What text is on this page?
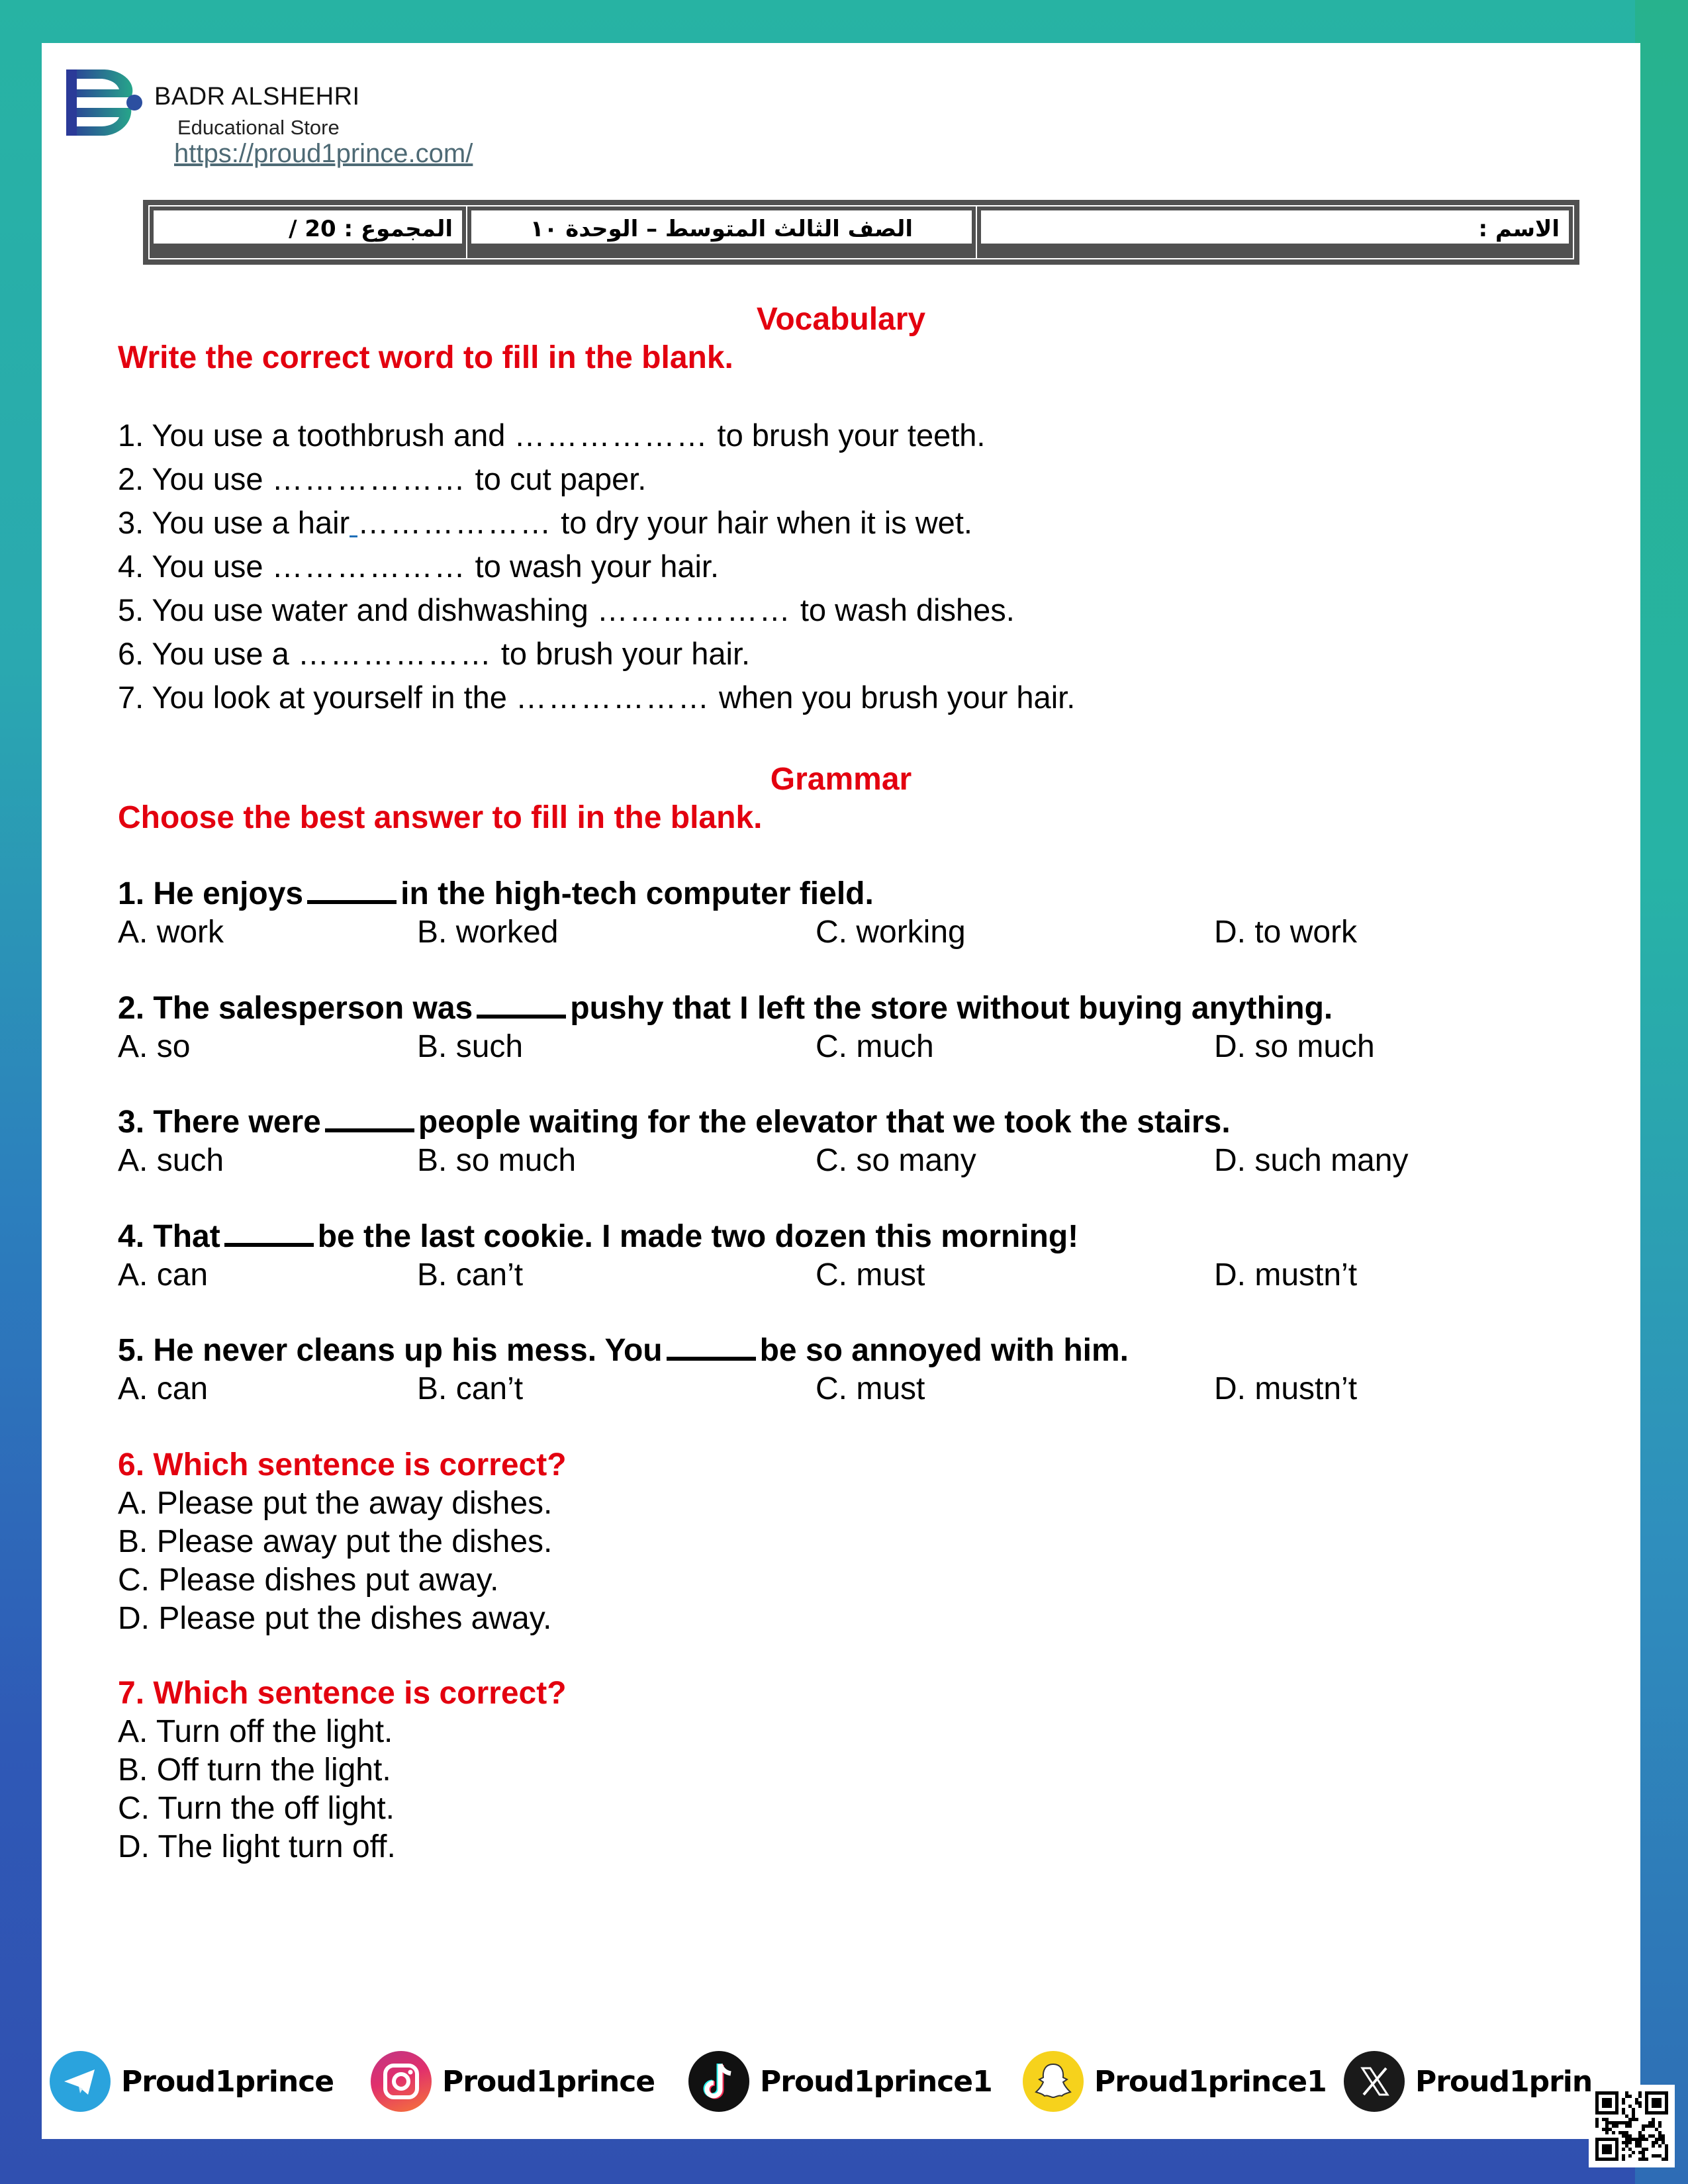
BADR ALSHEHRI
Educational Store
https://proud1prince.com/
المجموع : 20 /	الصف الثالث المتوسط – الوحدة ١٠	الاسم :
Vocabulary
Write the correct word to fill in the blank.
1. You use a toothbrush and ……………… to brush your teeth.
2. You use ……………… to cut paper.
3. You use a hair ……………… to dry your hair when it is wet.
4. You use ……………… to wash your hair.
5. You use water and dishwashing ……………… to wash dishes.
6. You use a ……………… to brush your hair.
7. You look at yourself in the ……………… when you brush your hair.
Grammar
Choose the best answer to fill in the blank.
1. He enjoys	in the high-tech computer field.
A. work	B. worked	C. working	D. to work
2. The salesperson was	pushy that I left the store without buying anything.
A. so	B. such	C. much	D. so much
3. There were	people waiting for the elevator that we took the stairs.
A. such	B. so much	C. so many	D. such many
4. That	be the last cookie. I made two dozen this morning!
A. can	B. can’t	C. must	D. mustn’t
5. He never cleans up his mess. You	be so annoyed with him.
A. can	B. can’t	C. must	D. mustn’t
6. Which sentence is correct?
A. Please put the away dishes.
B. Please away put the dishes.
C. Please dishes put away.
D. Please put the dishes away.
7. Which sentence is correct?
A. Turn off the light.
B. Off turn the light.
C. Turn the off light.
D. The light turn off.
Proud1prince	Proud1prince	Proud1prince1	Proud1prince1	Proud1prin
